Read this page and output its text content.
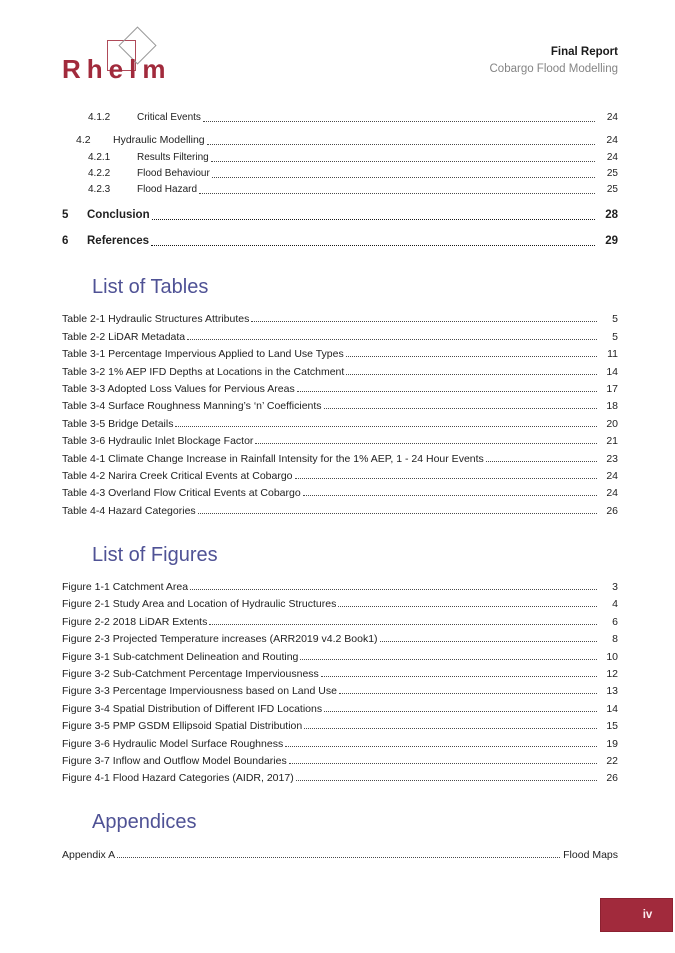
Rhelm
Final Report
Cobargo Flood Modelling
4.1.2	Critical Events	24
4.2	Hydraulic Modelling	24
4.2.1	Results Filtering	24
4.2.2	Flood Behaviour	25
4.2.3	Flood Hazard	25
5	Conclusion	28
6	References	29
List of Tables
Table 2-1 Hydraulic Structures Attributes	5
Table 2-2 LiDAR Metadata	5
Table 3-1 Percentage Impervious Applied to Land Use Types	11
Table 3-2 1% AEP IFD Depths at Locations in the Catchment	14
Table 3-3 Adopted Loss Values for Pervious Areas	17
Table 3-4 Surface Roughness Manning’s ‘n’ Coefficients	18
Table 3-5 Bridge Details	20
Table 3-6 Hydraulic Inlet Blockage Factor	21
Table 4-1 Climate Change Increase in Rainfall Intensity for the 1% AEP, 1 - 24 Hour Events	23
Table 4-2 Narira Creek Critical Events at Cobargo	24
Table 4-3 Overland Flow Critical Events at Cobargo	24
Table 4-4 Hazard Categories	26
List of Figures
Figure 1-1 Catchment Area	3
Figure 2-1 Study Area and Location of Hydraulic Structures	4
Figure 2-2 2018 LiDAR Extents	6
Figure 2-3 Projected Temperature increases (ARR2019 v4.2 Book1)	8
Figure 3-1 Sub-catchment Delineation and Routing	10
Figure 3-2 Sub-Catchment Percentage Imperviousness	12
Figure 3-3 Percentage Imperviousness based on Land Use	13
Figure 3-4 Spatial Distribution of Different IFD Locations	14
Figure 3-5 PMP GSDM Ellipsoid Spatial Distribution	15
Figure 3-6 Hydraulic Model Surface Roughness	19
Figure 3-7 Inflow and Outflow Model Boundaries	22
Figure 4-1 Flood Hazard Categories (AIDR, 2017)	26
Appendices
Appendix A	Flood Maps
iv
